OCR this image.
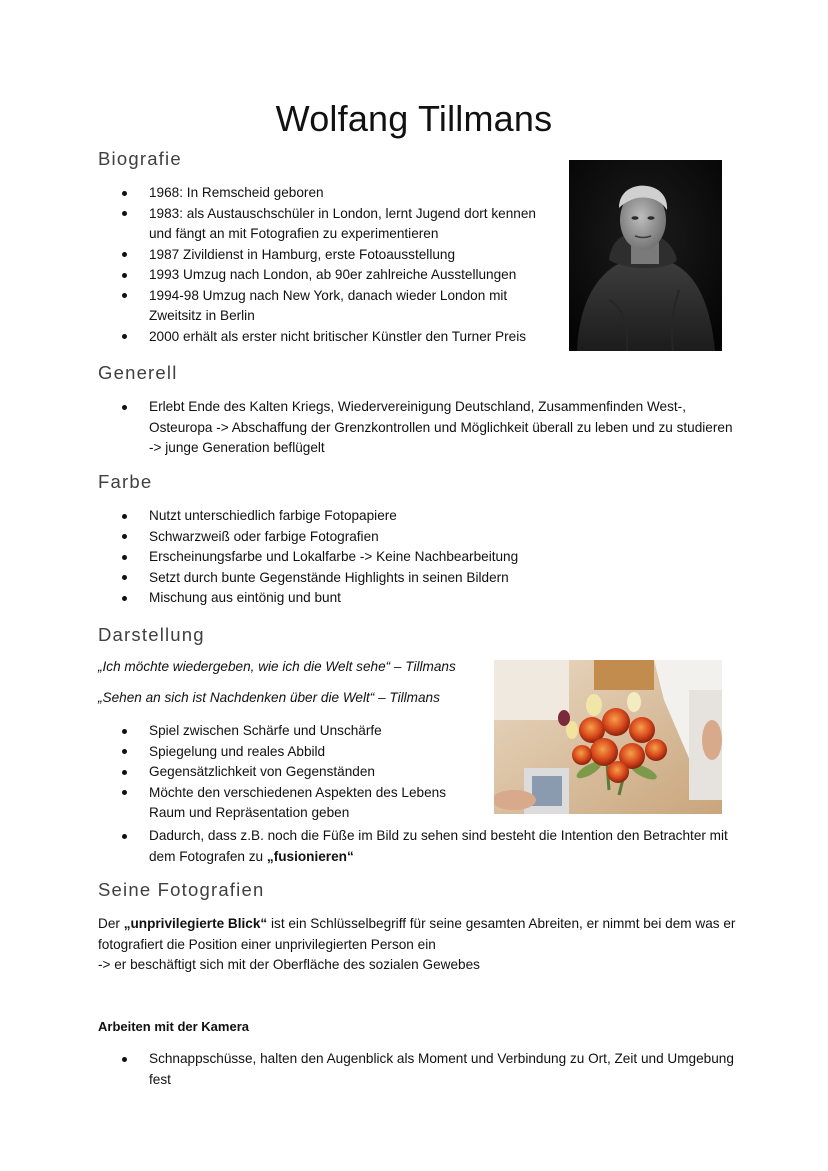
Wolfang Tillmans
Biografie
1968: In Remscheid geboren
1983: als Austauschschüler in London, lernt Jugend dort kennen und fängt an mit Fotografien zu experimentieren
1987 Zivildienst in Hamburg, erste Fotoausstellung
1993 Umzug nach London, ab 90er zahlreiche Ausstellungen
1994-98 Umzug nach New York, danach wieder London mit Zweitsitz in Berlin
2000 erhält als erster nicht britischer Künstler den Turner Preis
Generell
Erlebt Ende des Kalten Kriegs, Wiedervereinigung Deutschland, Zusammenfinden West-, Osteuropa -> Abschaffung der Grenzkontrollen und Möglichkeit überall zu leben und zu studieren -> junge Generation beflügelt
Farbe
Nutzt unterschiedlich farbige Fotopapiere
Schwarzweiß oder farbige Fotografien
Erscheinungsfarbe und Lokalfarbe -> Keine Nachbearbeitung
Setzt durch bunte Gegenstände Highlights in seinen Bildern
Mischung aus eintönig und bunt
Darstellung
„Ich möchte wiedergeben, wie ich die Welt sehe“ – Tillmans
„Sehen an sich ist Nachdenken über die Welt“ – Tillmans
Spiel zwischen Schärfe und Unschärfe
Spiegelung und reales Abbild
Gegensätzlichkeit von Gegenständen
Möchte den verschiedenen Aspekten des Lebens Raum und Repräsentation geben
Dadurch, dass z.B. noch die Füße im Bild zu sehen sind besteht die Intention den Betrachter mit dem Fotografen zu „fusionieren“
Seine Fotografien
Der „unprivilegierte Blick“ ist ein Schlüsselbegriff für seine gesamten Abreiten, er nimmt bei dem was er fotografiert die Position einer unprivilegierten Person ein
-> er beschäftigt sich mit der Oberfläche des sozialen Gewebes
Arbeiten mit der Kamera
Schnappschüsse, halten den Augenblick als Moment und Verbindung zu Ort, Zeit und Umgebung fest
